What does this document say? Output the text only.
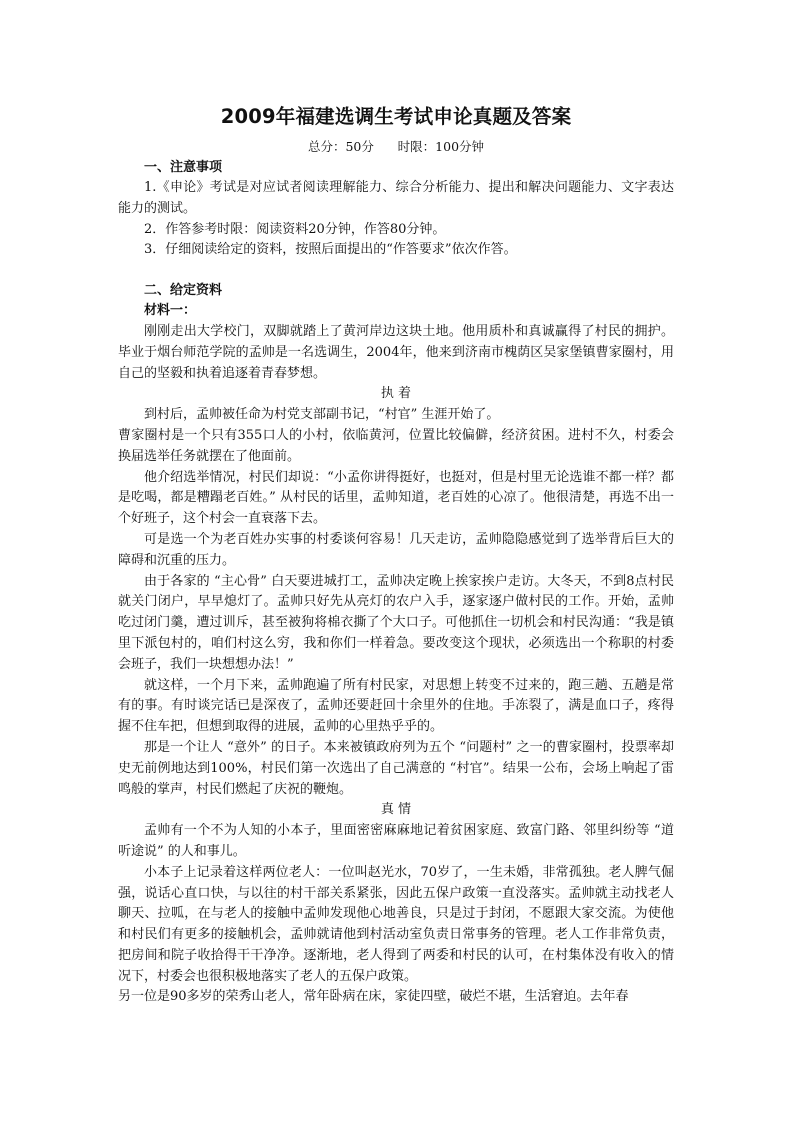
2009年福建选调生考试申论真题及答案
总分：50分      时限：100分钟
一、注意事项

1.《申论》考试是对应试者阅读理解能力、综合分析能力、提出和解决问题能力、文字表达能力的测试。

2．作答参考时限：阅读资料20分钟，作答80分钟。

3．仔细阅读给定的资料，按照后面提出的“作答要求”依次作答。

二、给定资料
材料一：

刚刚走出大学校门，双脚就踏上了黄河岸边这块土地。他用质朴和真诚赢得了村民的拥护。毕业于烟台师范学院的孟帅是一名选调生，2004年，他来到济南市槐荫区吴家堡镇曹家圈村，用自己的坚毅和执着追逐着青春梦想。

执 着

到村后，孟帅被任命为村党支部副书记，“村官” 生涯开始了。

曹家圈村是一个只有355口人的小村，依临黄河，位置比较偏僻，经济贫困。进村不久，村委会换届选举任务就摆在了他面前。

他介绍选举情况，村民们却说：“小孟你讲得挺好，也挺对，但是村里无论选谁不都一样？都是吃喝，都是糟蹋老百姓。” 从村民的话里，孟帅知道，老百姓的心凉了。他很清楚，再选不出一个好班子，这个村会一直衰落下去。

可是选一个为老百姓办实事的村委谈何容易！几天走访，孟帅隐隐感觉到了选举背后巨大的障碍和沉重的压力。

由于各家的 “主心骨” 白天要进城打工，孟帅决定晚上挨家挨户走访。大冬天，不到8点村民就关门闭户，早早熄灯了。孟帅只好先从亮灯的农户入手，逐家逐户做村民的工作。开始，孟帅吃过闭门羹，遭过训斥，甚至被狗将棉衣撕了个大口子。可他抓住一切机会和村民沟通：“我是镇里下派包村的，咱们村这么穷，我和你们一样着急。要改变这个现状，必须选出一个称职的村委会班子，我们一块想想办法！”

就这样，一个月下来，孟帅跑遍了所有村民家，对思想上转变不过来的，跑三趟、五趟是常有的事。有时谈完话已是深夜了，孟帅还要赶回十余里外的住地。手冻裂了，满是血口子，疼得握不住车把，但想到取得的进展，孟帅的心里热乎乎的。

那是一个让人 “意外” 的日子。本来被镇政府列为五个 “问题村” 之一的曹家圈村，投票率却史无前例地达到100%，村民们第一次选出了自己满意的 “村官”。结果一公布，会场上响起了雷鸣般的掌声，村民们燃起了庆祝的鞭炮。

真 情

孟帅有一个不为人知的小本子，里面密密麻麻地记着贫困家庭、致富门路、邻里纠纷等 “道听途说” 的人和事儿。

小本子上记录着这样两位老人：一位叫赵光水，70岁了，一生未婚，非常孤独。老人脾气倔强，说话心直口快，与以往的村干部关系紧张，因此五保户政策一直没落实。孟帅就主动找老人聊天、拉呱，在与老人的接触中孟帅发现他心地善良，只是过于封闭，不愿跟大家交流。为使他和村民们有更多的接触机会，孟帅就请他到村活动室负责日常事务的管理。老人工作非常负责，把房间和院子收拾得干干净净。逐渐地，老人得到了两委和村民的认可，在村集体没有收入的情况下，村委会也很积极地落实了老人的五保户政策。

另一位是90多岁的荣秀山老人，常年卧病在床，家徒四壁，破烂不堪，生活窘迫。去年春
